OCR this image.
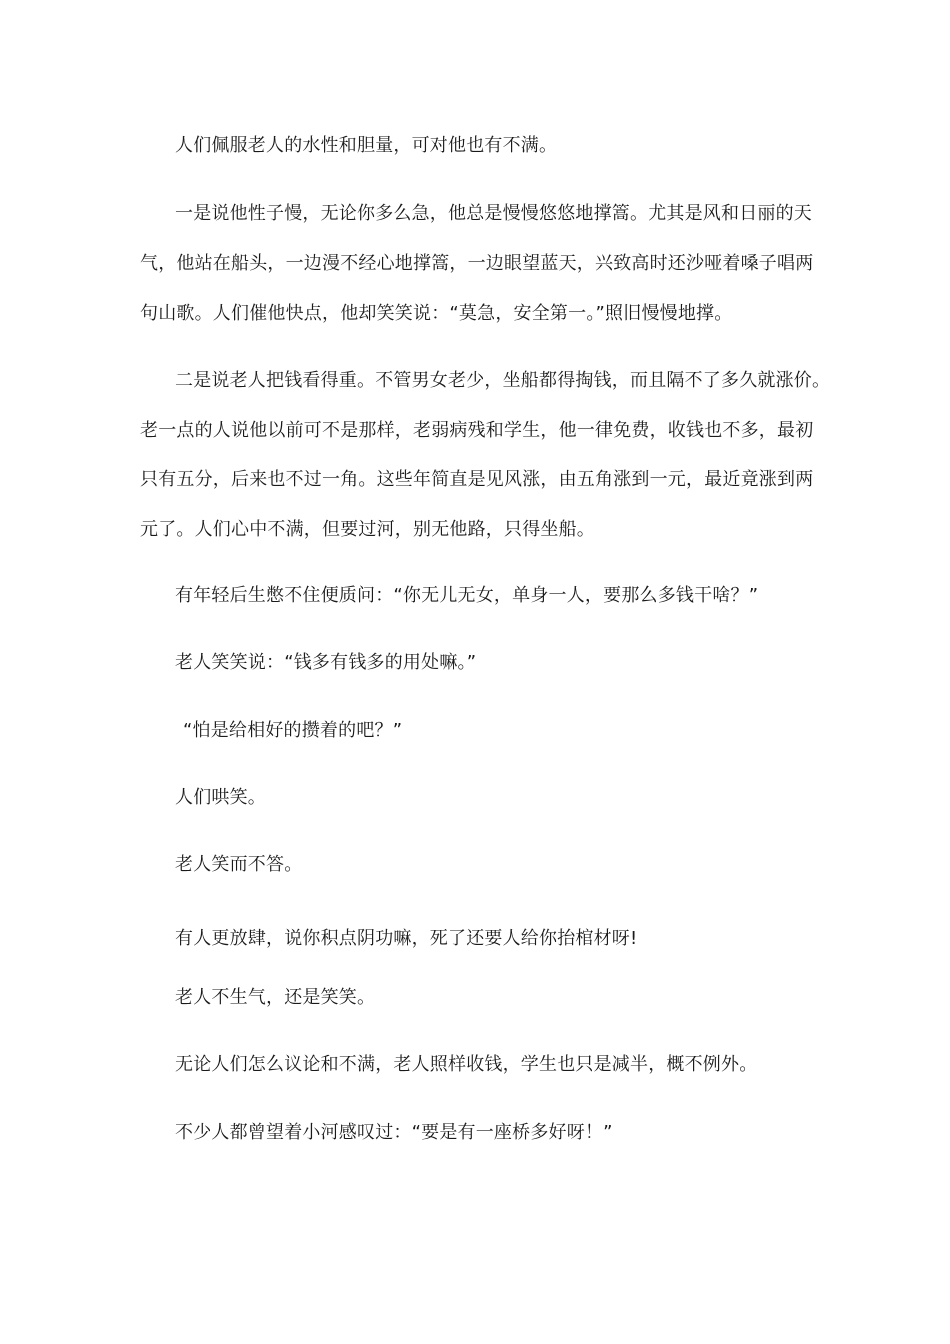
人们佩服老人的水性和胆量，可对他也有不满。
一是说他性子慢，无论你多么急，他总是慢慢悠悠地撑篙。尤其是风和日丽的天
气，他站在船头，一边漫不经心地撑篙，一边眼望蓝天，兴致高时还沙哑着嗓子唱两
句山歌。人们催他快点，他却笑笑说：“莫急，安全第一。”照旧慢慢地撑。
二是说老人把钱看得重。不管男女老少，坐船都得掏钱，而且隔不了多久就涨价。
老一点的人说他以前可不是那样，老弱病残和学生，他一律免费，收钱也不多，最初
只有五分，后来也不过一角。这些年简直是见风涨，由五角涨到一元，最近竟涨到两
元了。人们心中不满，但要过河，别无他路，只得坐船。
有年轻后生憋不住便质问：“你无儿无女，单身一人，要那么多钱干啥？”
老人笑笑说：“钱多有钱多的用处嘛。”
“怕是给相好的攒着的吧？”
人们哄笑。
老人笑而不答。
有人更放肆，说你积点阴功嘛，死了还要人给你抬棺材呀!
老人不生气，还是笑笑。
无论人们怎么议论和不满，老人照样收钱，学生也只是减半，概不例外。
不少人都曾望着小河感叹过：“要是有一座桥多好呀！”
